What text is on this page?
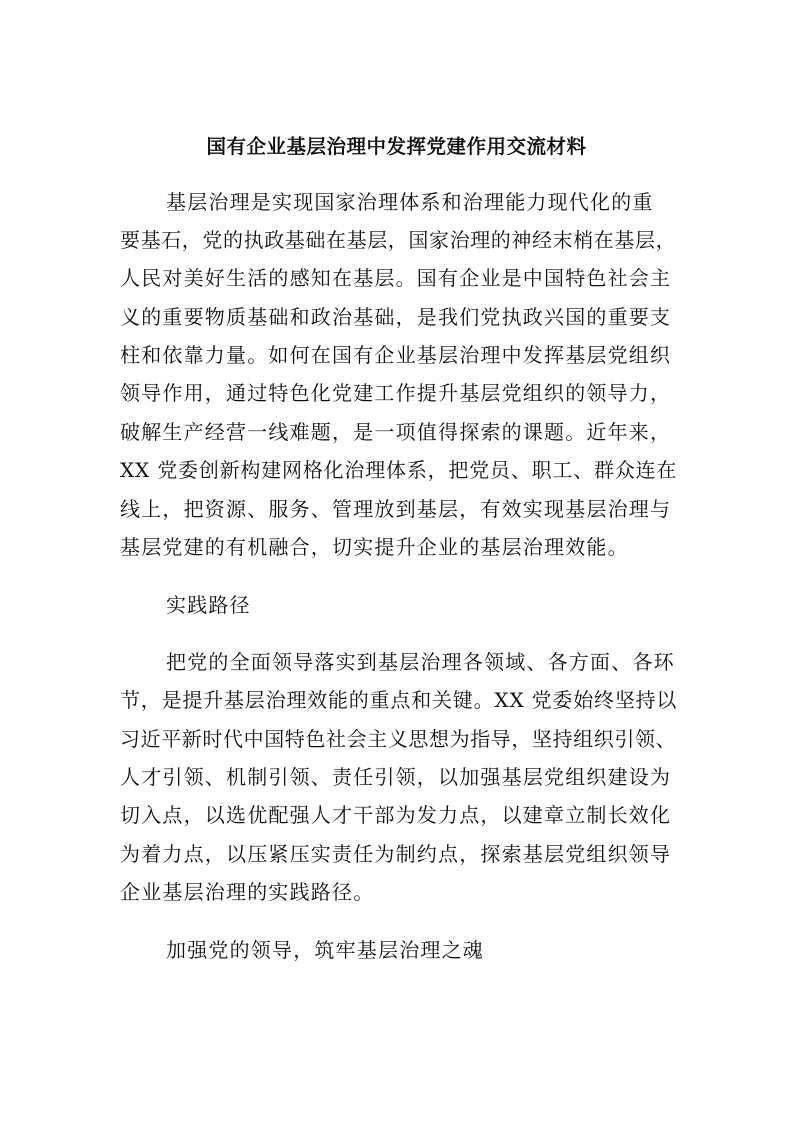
国有企业基层治理中发挥党建作用交流材料
基层治理是实现国家治理体系和治理能力现代化的重
要基石，党的执政基础在基层，国家治理的神经末梢在基层，
人民对美好生活的感知在基层。国有企业是中国特色社会主
义的重要物质基础和政治基础，是我们党执政兴国的重要支
柱和依靠力量。如何在国有企业基层治理中发挥基层党组织
领导作用，通过特色化党建工作提升基层党组织的领导力，
破解生产经营一线难题，是一项值得探索的课题。近年来，
XX 党委创新构建网格化治理体系，把党员、职工、群众连在
线上，把资源、服务、管理放到基层，有效实现基层治理与
基层党建的有机融合，切实提升企业的基层治理效能。
实践路径
把党的全面领导落实到基层治理各领域、各方面、各环
节，是提升基层治理效能的重点和关键。XX 党委始终坚持以
习近平新时代中国特色社会主义思想为指导，坚持组织引领、
人才引领、机制引领、责任引领，以加强基层党组织建设为
切入点，以选优配强人才干部为发力点，以建章立制长效化
为着力点，以压紧压实责任为制约点，探索基层党组织领导
企业基层治理的实践路径。
加强党的领导，筑牢基层治理之魂
